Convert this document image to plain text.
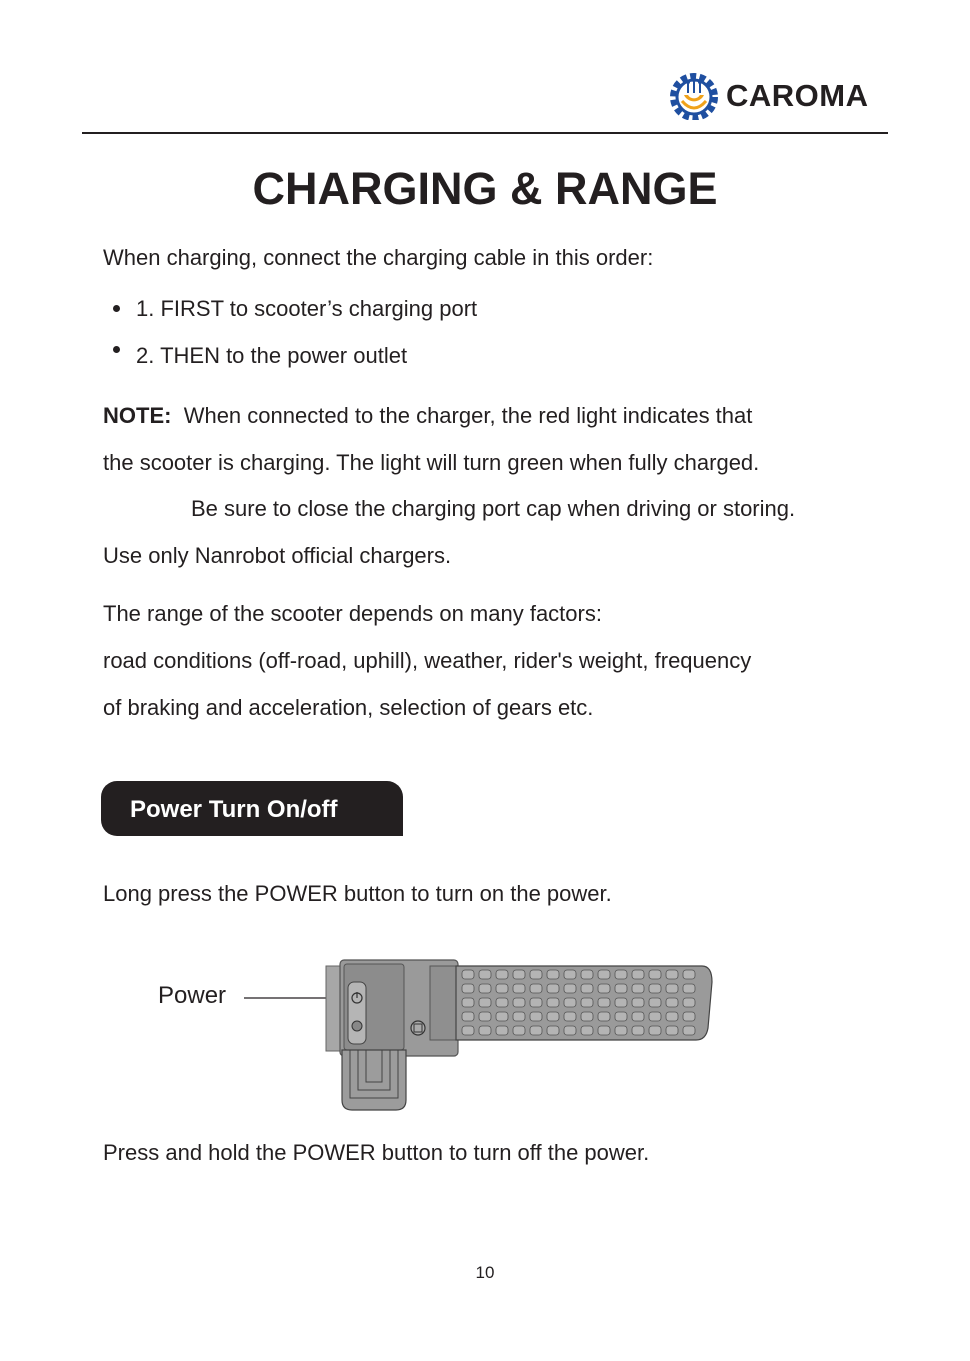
CAROMA
CHARGING & RANGE
When charging, connect the charging cable in this order:
1. FIRST to scooter’s charging port
2. THEN to the power outlet
NOTE: When connected to the charger, the red light indicates that
the scooter is charging. The light will turn green when fully charged.
Be sure to close the charging port cap when driving or storing.
Use only Nanrobot official chargers.
The range of the scooter depends on many factors:
road conditions (off-road, uphill), weather, rider's weight, frequency
of braking and acceleration, selection of gears etc.
Power Turn On/off
Long press the POWER button to turn on the power.
Power
Press and hold the POWER button to turn off the power.
10
